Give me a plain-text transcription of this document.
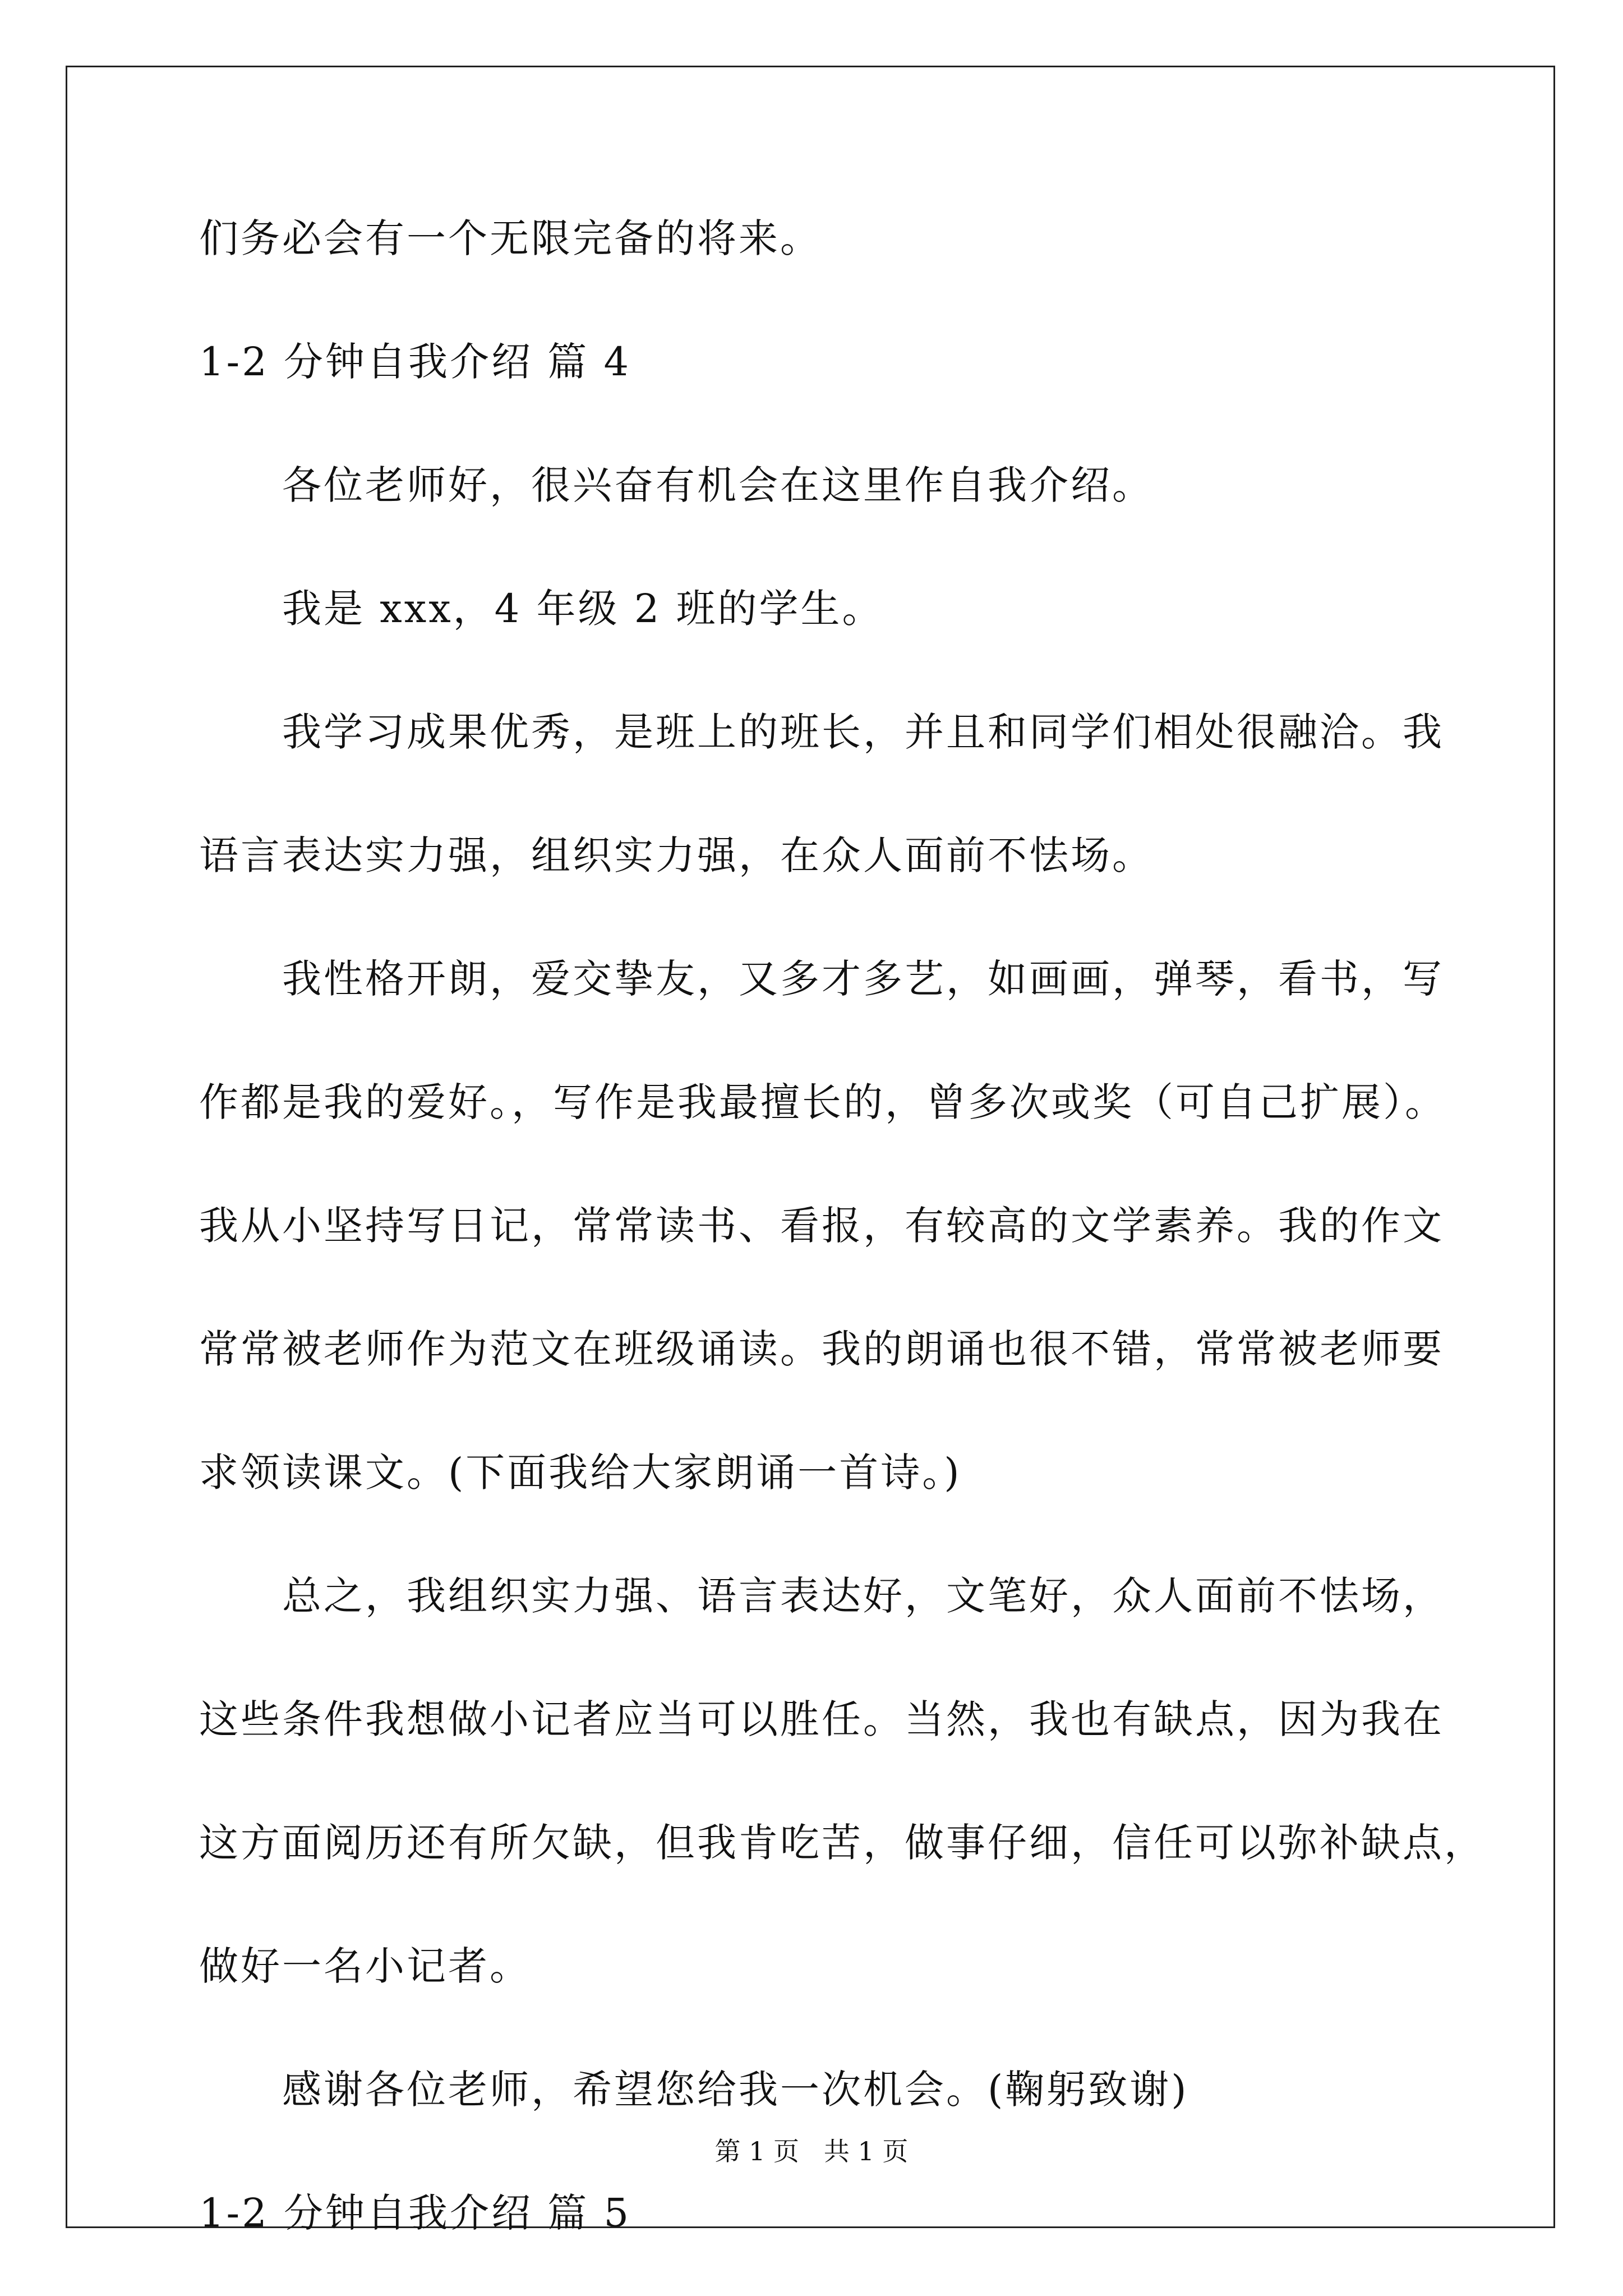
们务必会有一个无限完备的将来。
1-2 分钟自我介绍 篇 4
各位老师好，很兴奋有机会在这里作自我介绍。
我是 xxx，4 年级 2 班的学生。
我学习成果优秀，是班上的班长，并且和同学们相处很融洽。我
语言表达实力强，组织实力强，在众人面前不怯场。
我性格开朗，爱交挚友，又多才多艺，如画画，弹琴，看书，写
作都是我的爱好。，写作是我最擅长的，曾多次或奖（可自己扩展）。
我从小坚持写日记，常常读书、看报，有较高的文学素养。我的作文
常常被老师作为范文在班级诵读。我的朗诵也很不错，常常被老师要
求领读课文。(下面我给大家朗诵一首诗。)
总之，我组织实力强、语言表达好，文笔好，众人面前不怯场，
这些条件我想做小记者应当可以胜任。当然，我也有缺点，因为我在
这方面阅历还有所欠缺，但我肯吃苦，做事仔细，信任可以弥补缺点，
做好一名小记者。
感谢各位老师，希望您给我一次机会。(鞠躬致谢)
1-2 分钟自我介绍 篇 5
第 1 页   共 1 页
